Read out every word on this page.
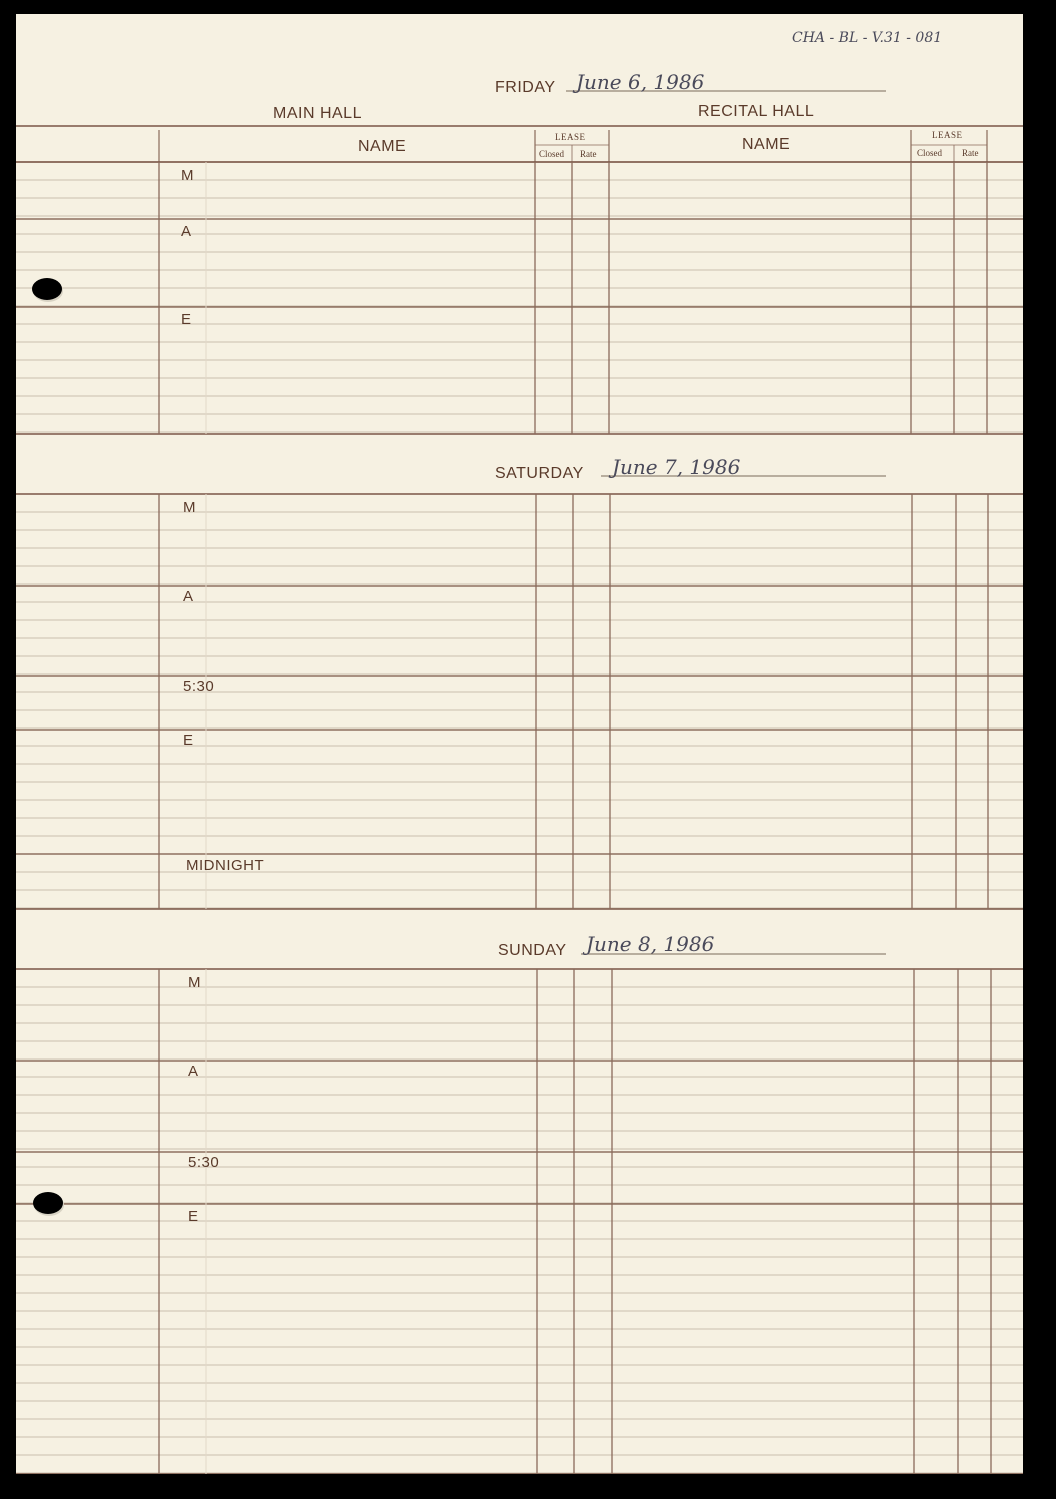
CHA - BL - V.31 - 081
MAIN HALL	RECITAL HALL
NAME
LEASE
Closed Rate
NAME
LEASE
Closed Rate
FRIDAY June 6, 1986
M
A
E
SATURDAY June 7, 1986
M
A
5:30
E
MIDNIGHT
SUNDAY June 8, 1986
M
A
5:30
E
